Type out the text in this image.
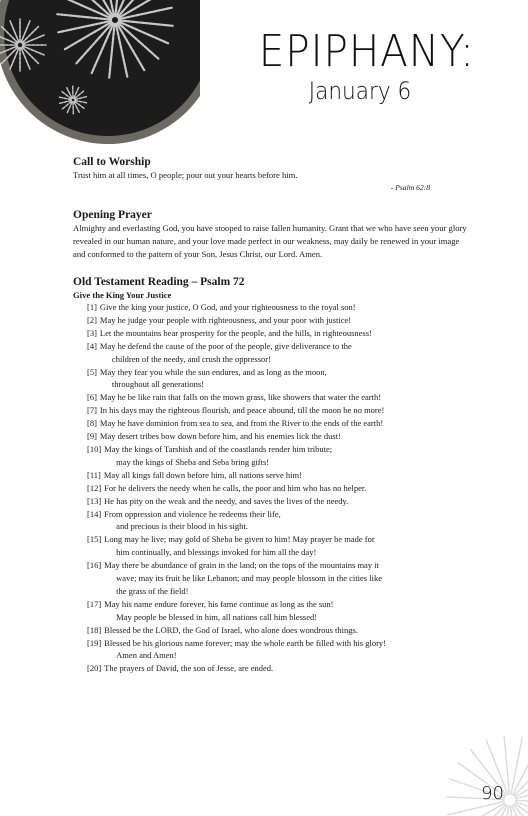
EPIPHANY:
January 6
Call to Worship
Trust him at all times, O people; pour out your hearts before him.
- Psalm 62:8
Opening Prayer
Almighty and everlasting God, you have stooped to raise fallen humanity. Grant that we who have seen your glory revealed in our human nature, and your love made perfect in our weakness, may daily be renewed in your image and conformed to the pattern of your Son, Jesus Christ, our Lord. Amen.
Old Testament Reading – Psalm 72
Give the King Your Justice
[1] Give the king your justice, O God, and your righteousness to the royal son!
[2] May he judge your people with righteousness, and your poor with justice!
[3] Let the mountains bear prosperity for the people, and the hills, in righteousness!
[4] May he defend the cause of the poor of the people, give deliverance to the
children of the needy, and crush the oppressor!
[5] May they fear you while the sun endures, and as long as the moon,
throughout all generations!
[6] May he be like rain that falls on the mown grass, like showers that water the earth!
[7] In his days may the righteous flourish, and peace abound, till the moon be no more!
[8] May he have dominion from sea to sea, and from the River to the ends of the earth!
[9] May desert tribes bow down before him, and his enemies lick the dust!
[10] May the kings of Tarshish and of the coastlands render him tribute;
may the kings of Sheba and Seba bring gifts!
[11] May all kings fall down before him, all nations serve him!
[12] For he delivers the needy when he calls, the poor and him who has no helper.
[13] He has pity on the weak and the needy, and saves the lives of the needy.
[14] From oppression and violence he redeems their life,
and precious is their blood in his sight.
[15] Long may he live; may gold of Sheba be given to him! May prayer be made for
him continually, and blessings invoked for him all the day!
[16] May there be abundance of grain in the land; on the tops of the mountains may it
wave; may its fruit be like Lebanon; and may people blossom in the cities like
the grass of the field!
[17] May his name endure forever, his fame continue as long as the sun!
May people be blessed in him, all nations call him blessed!
[18] Blessed be the LORD, the God of Israel, who alone does wondrous things.
[19] Blessed be his glorious name forever; may the whole earth be filled with his glory!
Amen and Amen!
[20] The prayers of David, the son of Jesse, are ended.
90
